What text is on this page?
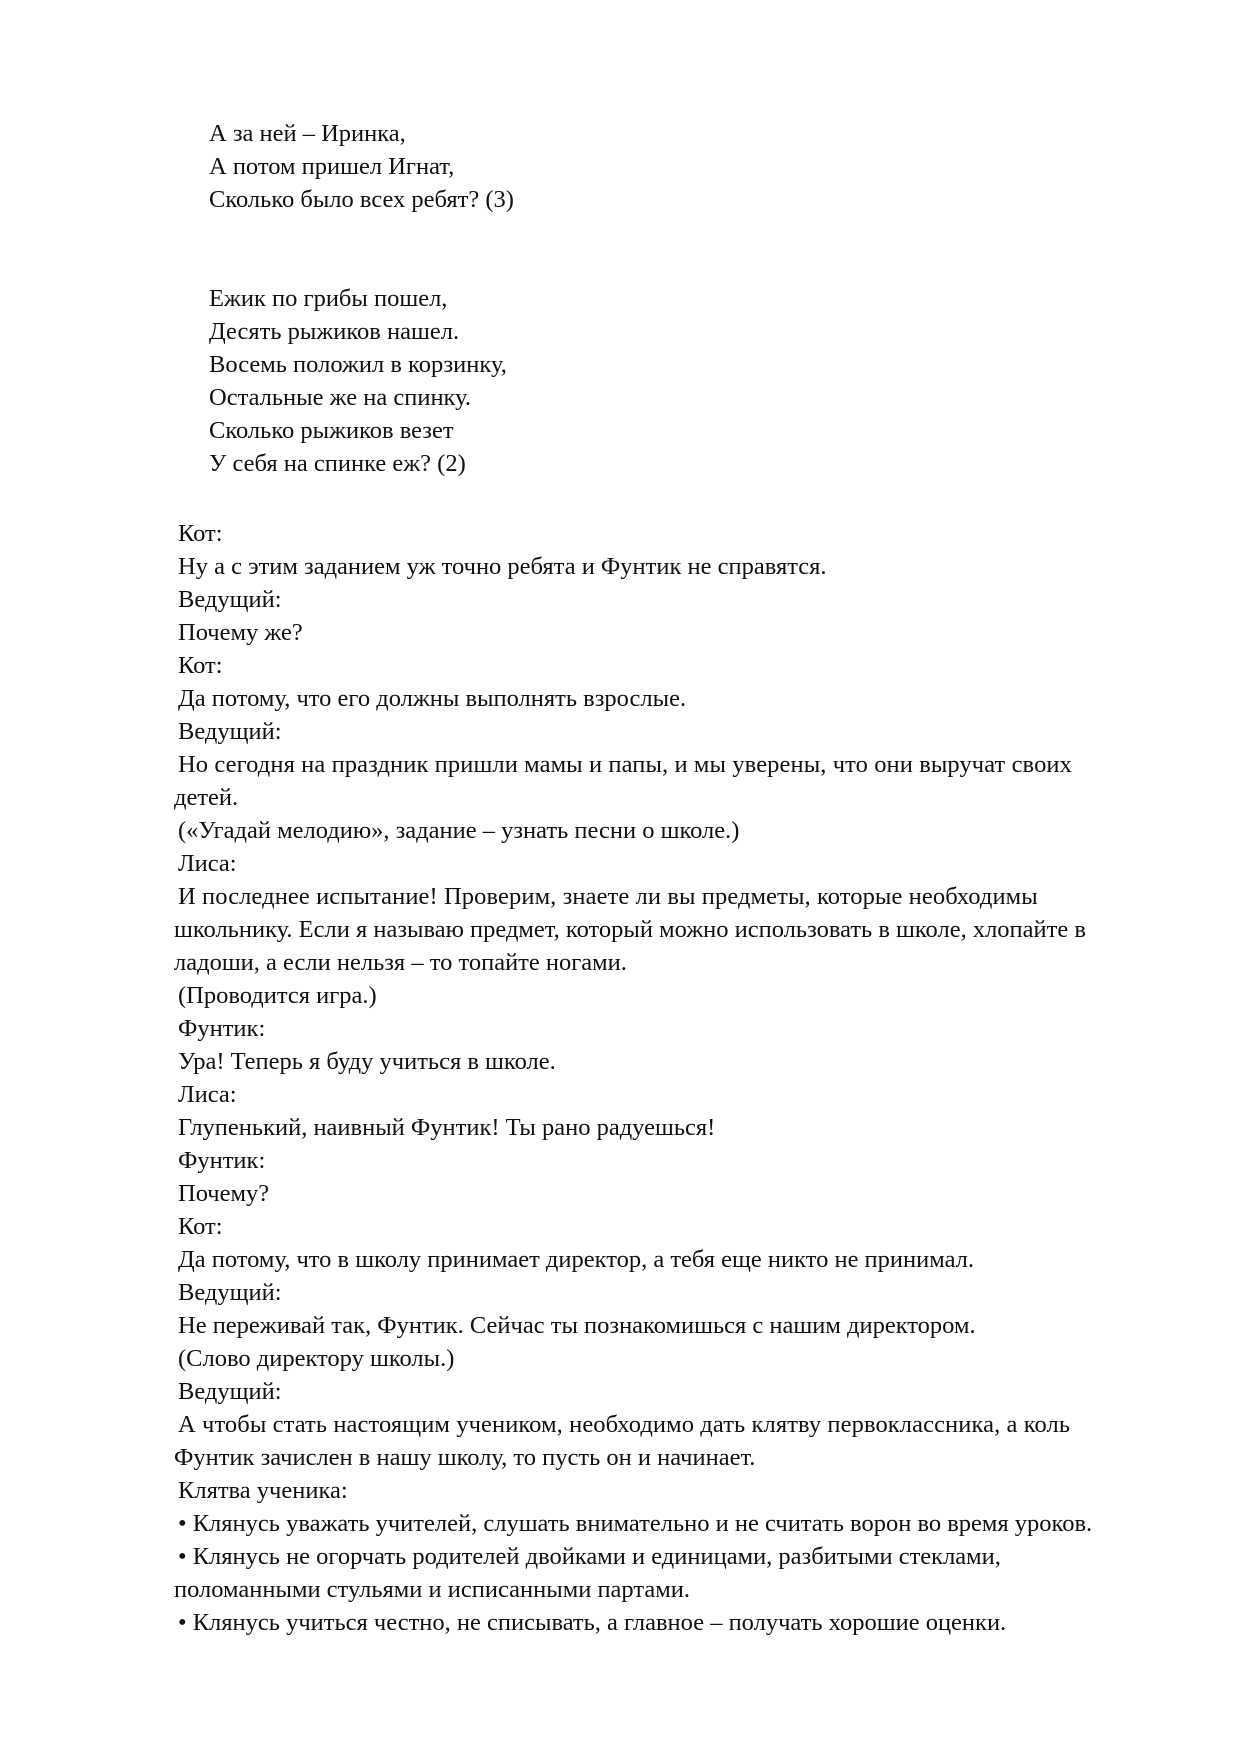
А за ней – Иринка,
А потом пришел Игнат,
Сколько было всех ребят? (3)
Ежик по грибы пошел,
Десять рыжиков нашел.
Восемь положил в корзинку,
Остальные же на спинку.
Сколько рыжиков везет
У себя на спинке еж? (2)
Кот:
Ну а с этим заданием уж точно ребята и Фунтик не справятся.
Ведущий:
Почему же?
Кот:
Да потому, что его должны выполнять взрослые.
Ведущий:
Но сегодня на праздник пришли мамы и папы, и мы уверены, что они выручат своих
детей.
(«Угадай мелодию», задание – узнать песни о школе.)
Лиса:
И последнее испытание! Проверим, знаете ли вы предметы, которые необходимы
школьнику. Если я называю предмет, который можно использовать в школе, хлопайте в
ладоши, а если нельзя – то топайте ногами.
(Проводится игра.)
Фунтик:
Ура! Теперь я буду учиться в школе.
Лиса:
Глупенький, наивный Фунтик! Ты рано радуешься!
Фунтик:
Почему?
Кот:
Да потому, что в школу принимает директор, а тебя еще никто не принимал.
Ведущий:
Не переживай так, Фунтик. Сейчас ты познакомишься с нашим директором.
(Слово директору школы.)
Ведущий:
А чтобы стать настоящим учеником, необходимо дать клятву первоклассника, а коль
Фунтик зачислен в нашу школу, то пусть он и начинает.
Клятва ученика:
• Клянусь уважать учителей, слушать внимательно и не считать ворон во время уроков.
• Клянусь не огорчать родителей двойками и единицами, разбитыми стеклами,
поломанными стульями и исписанными партами.
• Клянусь учиться честно, не списывать, а главное – получать хорошие оценки.
